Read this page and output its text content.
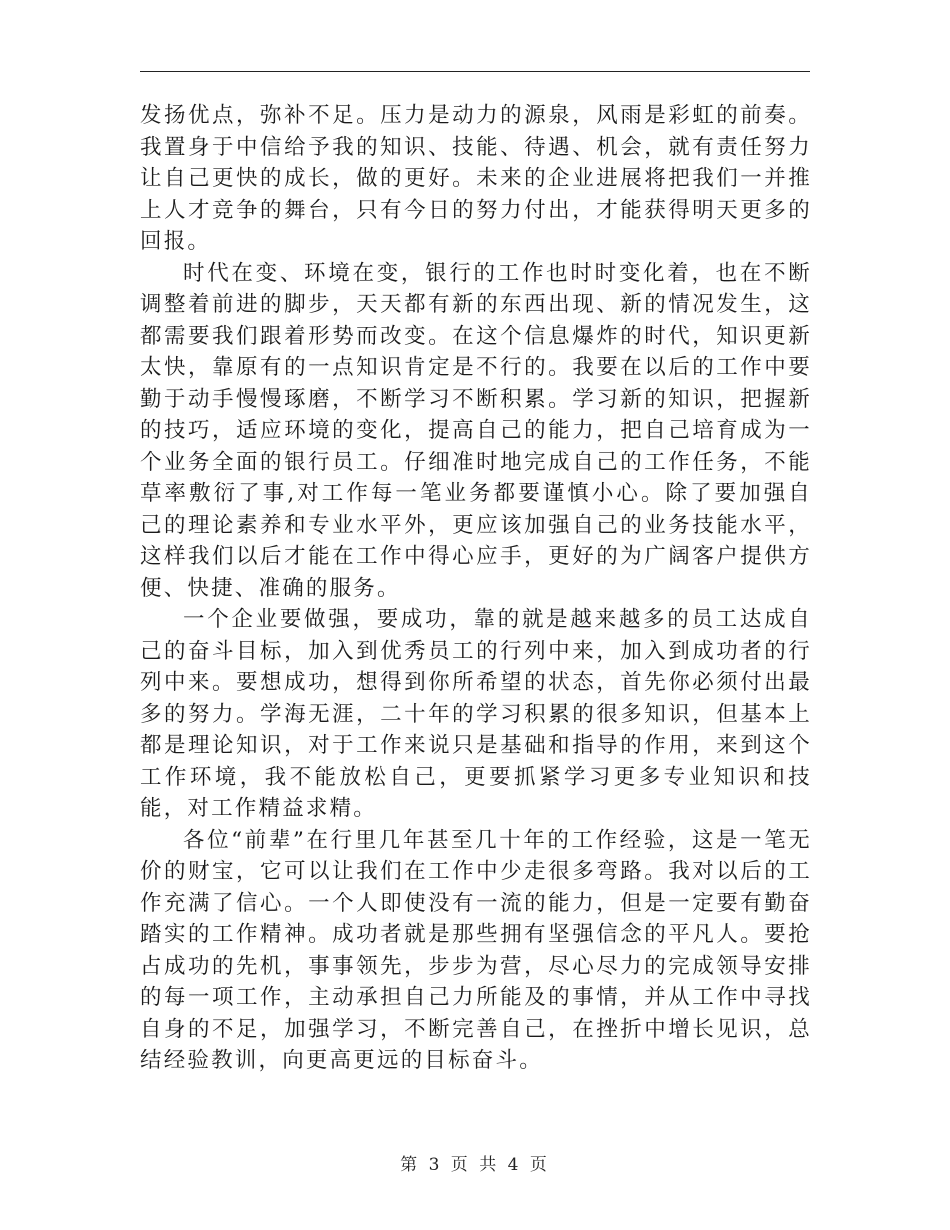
发扬优点，弥补不足。压力是动力的源泉，风雨是彩虹的前奏。我置身于中信给予我的知识、技能、待遇、机会，就有责任努力让自己更快的成长，做的更好。未来的企业进展将把我们一并推上人才竞争的舞台，只有今日的努力付出，才能获得明天更多的回报。

时代在变、环境在变，银行的工作也时时变化着，也在不断调整着前进的脚步，天天都有新的东西出现、新的情况发生，这都需要我们跟着形势而改变。在这个信息爆炸的时代，知识更新太快，靠原有的一点知识肯定是不行的。我要在以后的工作中要勤于动手慢慢琢磨，不断学习不断积累。学习新的知识，把握新的技巧，适应环境的变化，提高自己的能力，把自己培育成为一个业务全面的银行员工。仔细准时地完成自己的工作任务，不能草率敷衍了事,对工作每一笔业务都要谨慎小心。除了要加强自己的理论素养和专业水平外，更应该加强自己的业务技能水平，这样我们以后才能在工作中得心应手，更好的为广阔客户提供方便、快捷、准确的服务。

一个企业要做强，要成功，靠的就是越来越多的员工达成自己的奋斗目标，加入到优秀员工的行列中来，加入到成功者的行列中来。要想成功，想得到你所希望的状态，首先你必须付出最多的努力。学海无涯，二十年的学习积累的很多知识，但基本上都是理论知识，对于工作来说只是基础和指导的作用，来到这个工作环境，我不能放松自己，更要抓紧学习更多专业知识和技能，对工作精益求精。

各位“前辈”在行里几年甚至几十年的工作经验，这是一笔无价的财宝，它可以让我们在工作中少走很多弯路。我对以后的工作充满了信心。一个人即使没有一流的能力，但是一定要有勤奋踏实的工作精神。成功者就是那些拥有坚强信念的平凡人。要抢占成功的先机，事事领先，步步为营，尽心尽力的完成领导安排的每一项工作，主动承担自己力所能及的事情，并从工作中寻找自身的不足，加强学习，不断完善自己，在挫折中增长见识，总结经验教训，向更高更远的目标奋斗。

第 3 页 共 4 页
